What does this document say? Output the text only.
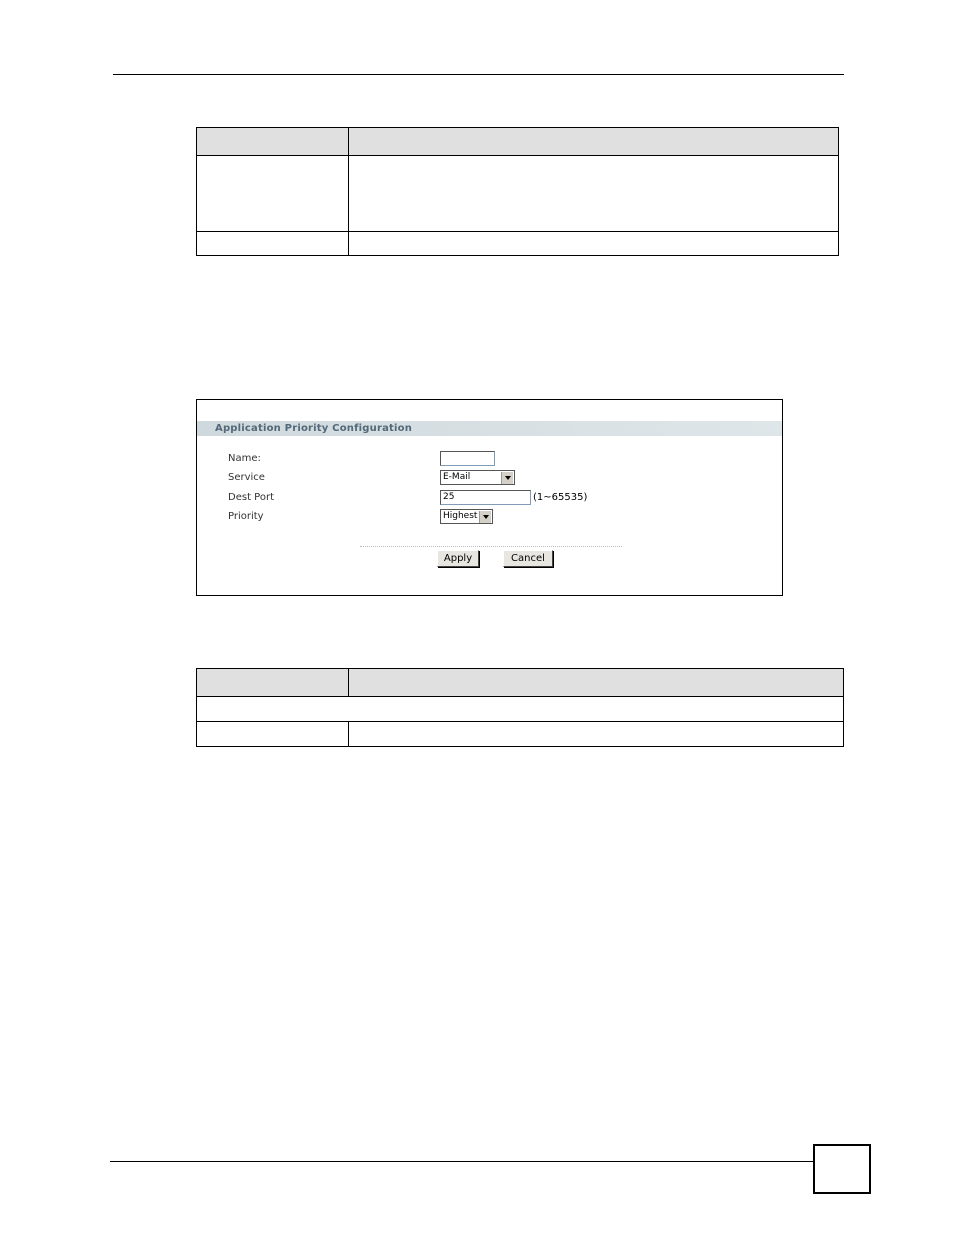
Application Priority Configuration
Name:
Service	E-Mail
Dest Port	25	(1~65535)
Priority	Highest
Apply	Cancel
